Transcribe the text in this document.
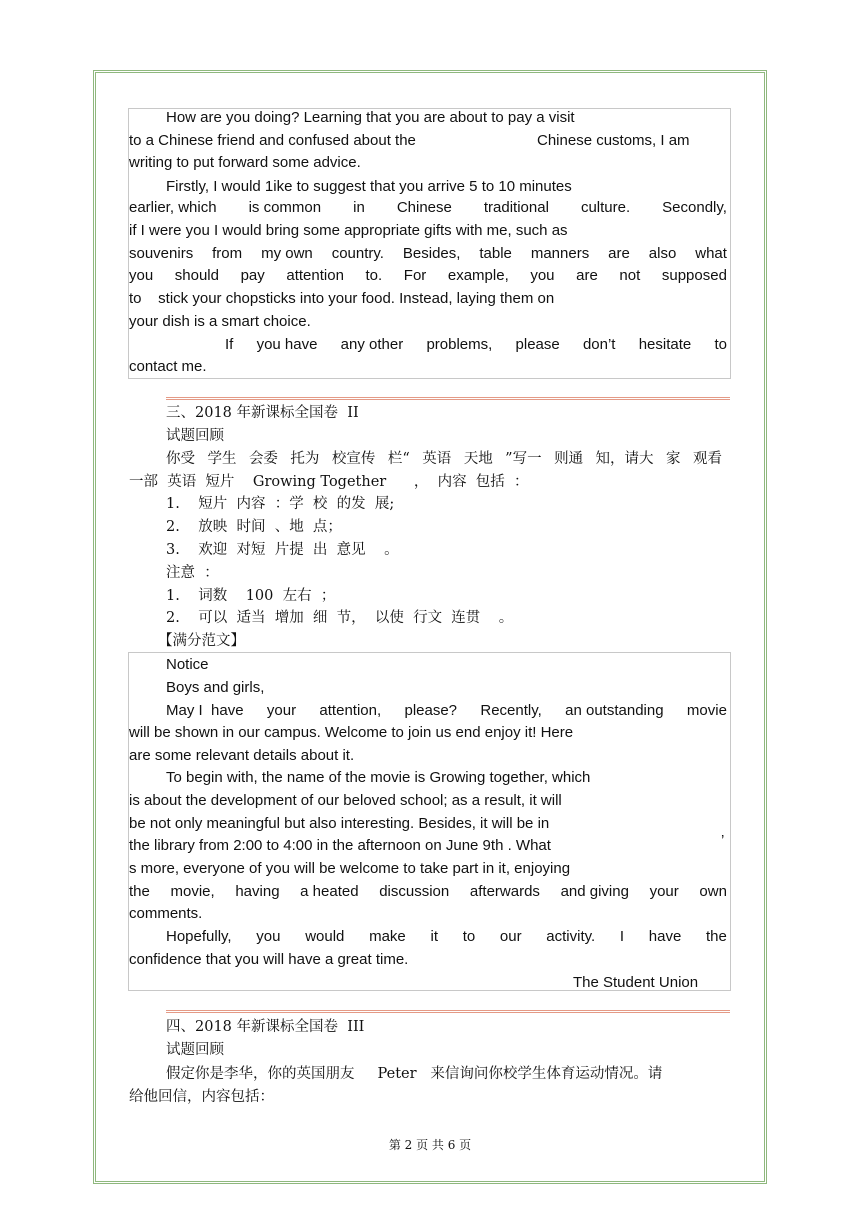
How are you doing? Learning that you are about to pay a visit
to a Chinese friend and confused about the	Chinese customs, I am
writing to put forward some advice.
Firstly, I would 1ike to suggest that you arrive 5 to 10 minutes
earlier, which is common in Chinese traditional culture. Secondly,
if I were you I would bring some appropriate gifts with me, such as
souvenirs from my own country. Besides, table manners are also what
you should pay attention to. For example, you are not supposed
to    stick your chopsticks into your food. Instead, laying them on
your dish is a smart choice.
If you have any other problems, please don’t hesitate to
contact me.
三、2018 年新课标全国卷  II
试题回顾
你受 学生 会委 托为 校宣传 栏“ 英语 天地 ”写一 则通 知，请大 家 观看
一部  英语  短片    Growing Together      ，  内容  包括  ：
1.    短片  内容  ：学  校  的发  展;
2.    放映  时间  、地  点；
3.    欢迎  对短  片提  出  意见    。
注意  ：
1.    词数    100  左右  ；
2.    可以  适当  增加  细  节，  以使  行文  连贯    。
【满分范文】
Notice
Boys and girls,
May I  have your attention, please? Recently, an outstanding movie
will be shown in our campus. Welcome to join us end enjoy it! Here
are some relevant details about it.
To begin with, the name of the movie is Growing together, which
is about the development of our beloved school; as a result, it will
be not only meaningful but also interesting. Besides, it will be in
the library from 2:00 to 4:00 in the afternoon on June 9th . What	’
s more, everyone of you will be welcome to take part in it, enjoying
the movie, having a heated discussion afterwards and giving your own
comments.
Hopefully, you would make it to our activity. I have the
confidence that you will have a great time.
The Student Union
四、2018 年新课标全国卷  III
试题回顾
假定你是李华，你的英国朋友     Peter   来信询问你校学生体育运动情况。请
给他回信，内容包括：
第 2 页 共 6 页
